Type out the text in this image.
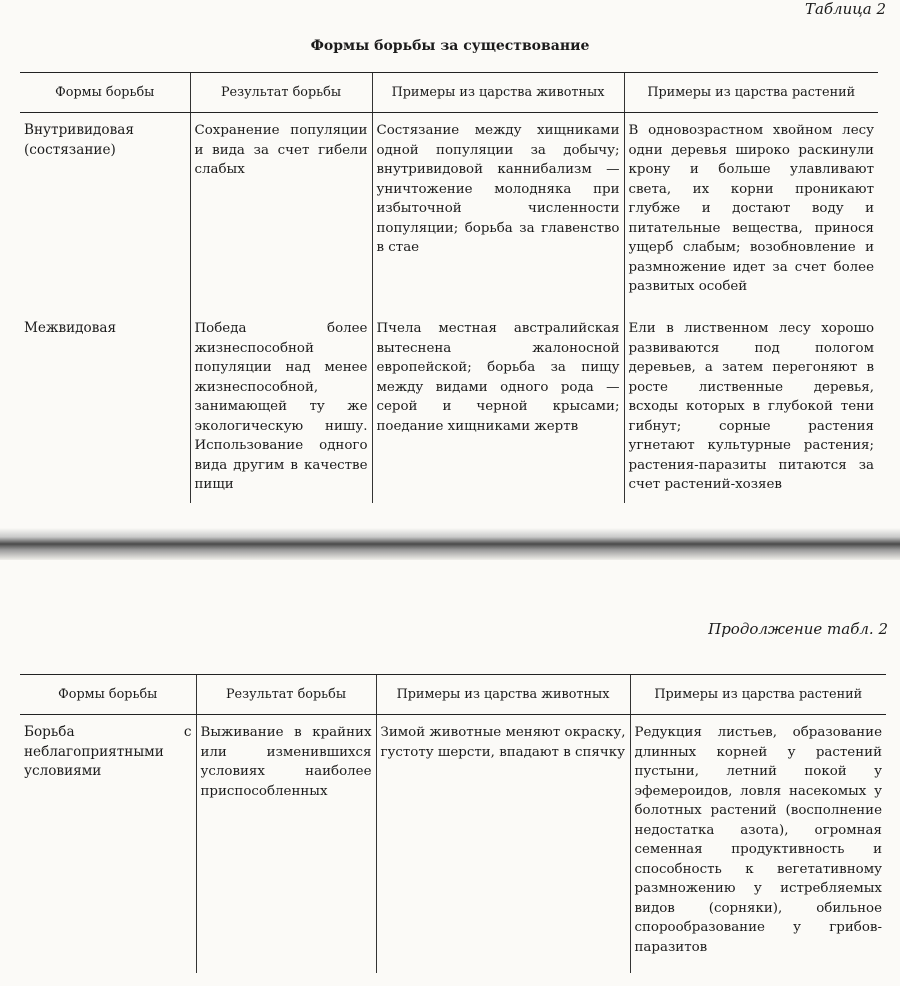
Таблица 2
Формы борьбы за существование
Формы борьбы	Результат борьбы	Примеры из царства животных	Примеры из царства растений
Внутривидовая (состязание)	Сохранение популяции и вида за счет гибели слабых	Состязание между хищниками одной популяции за добычу; внутривидовой каннибализм — уничтожение молодняка при избыточной численности популяции; борьба за главенство в стае	В одновозрастном хвойном лесу одни деревья широко раскинули крону и больше улавливают света, их корни проникают глубже и достают воду и питательные вещества, принося ущерб слабым; возобновление и размножение идет за счет более развитых особей
Межвидовая	Победа более жизнеспособной популяции над менее жизнеспособной, занимающей ту же экологическую нишу. Использование одного вида другим в качестве пищи	Пчела местная австралийская вытеснена жалоносной европейской; борьба за пищу между видами одного рода — серой и черной крысами; поедание хищниками жертв	Ели в лиственном лесу хорошо развиваются под пологом деревьев, а затем перегоняют в росте лиственные деревья, всходы которых в глубокой тени гибнут; сорные растения угнетают культурные растения; растения-паразиты питаются за счет растений-хозяев
Продолжение табл. 2
Формы борьбы	Результат борьбы	Примеры из царства животных	Примеры из царства растений
Борьба с неблагоприятными условиями	Выживание в крайних или изменившихся условиях наиболее приспособленных	Зимой животные меняют окраску, густоту шерсти, впадают в спячку	Редукция листьев, образование длинных корней у растений пустыни, летний покой у эфемероидов, ловля насекомых у болотных растений (восполнение недостатка азота), огромная семенная продуктивность и способность к вегетативному размножению у истребляемых видов (сорняки), обильное спорообразование у грибов-паразитов
